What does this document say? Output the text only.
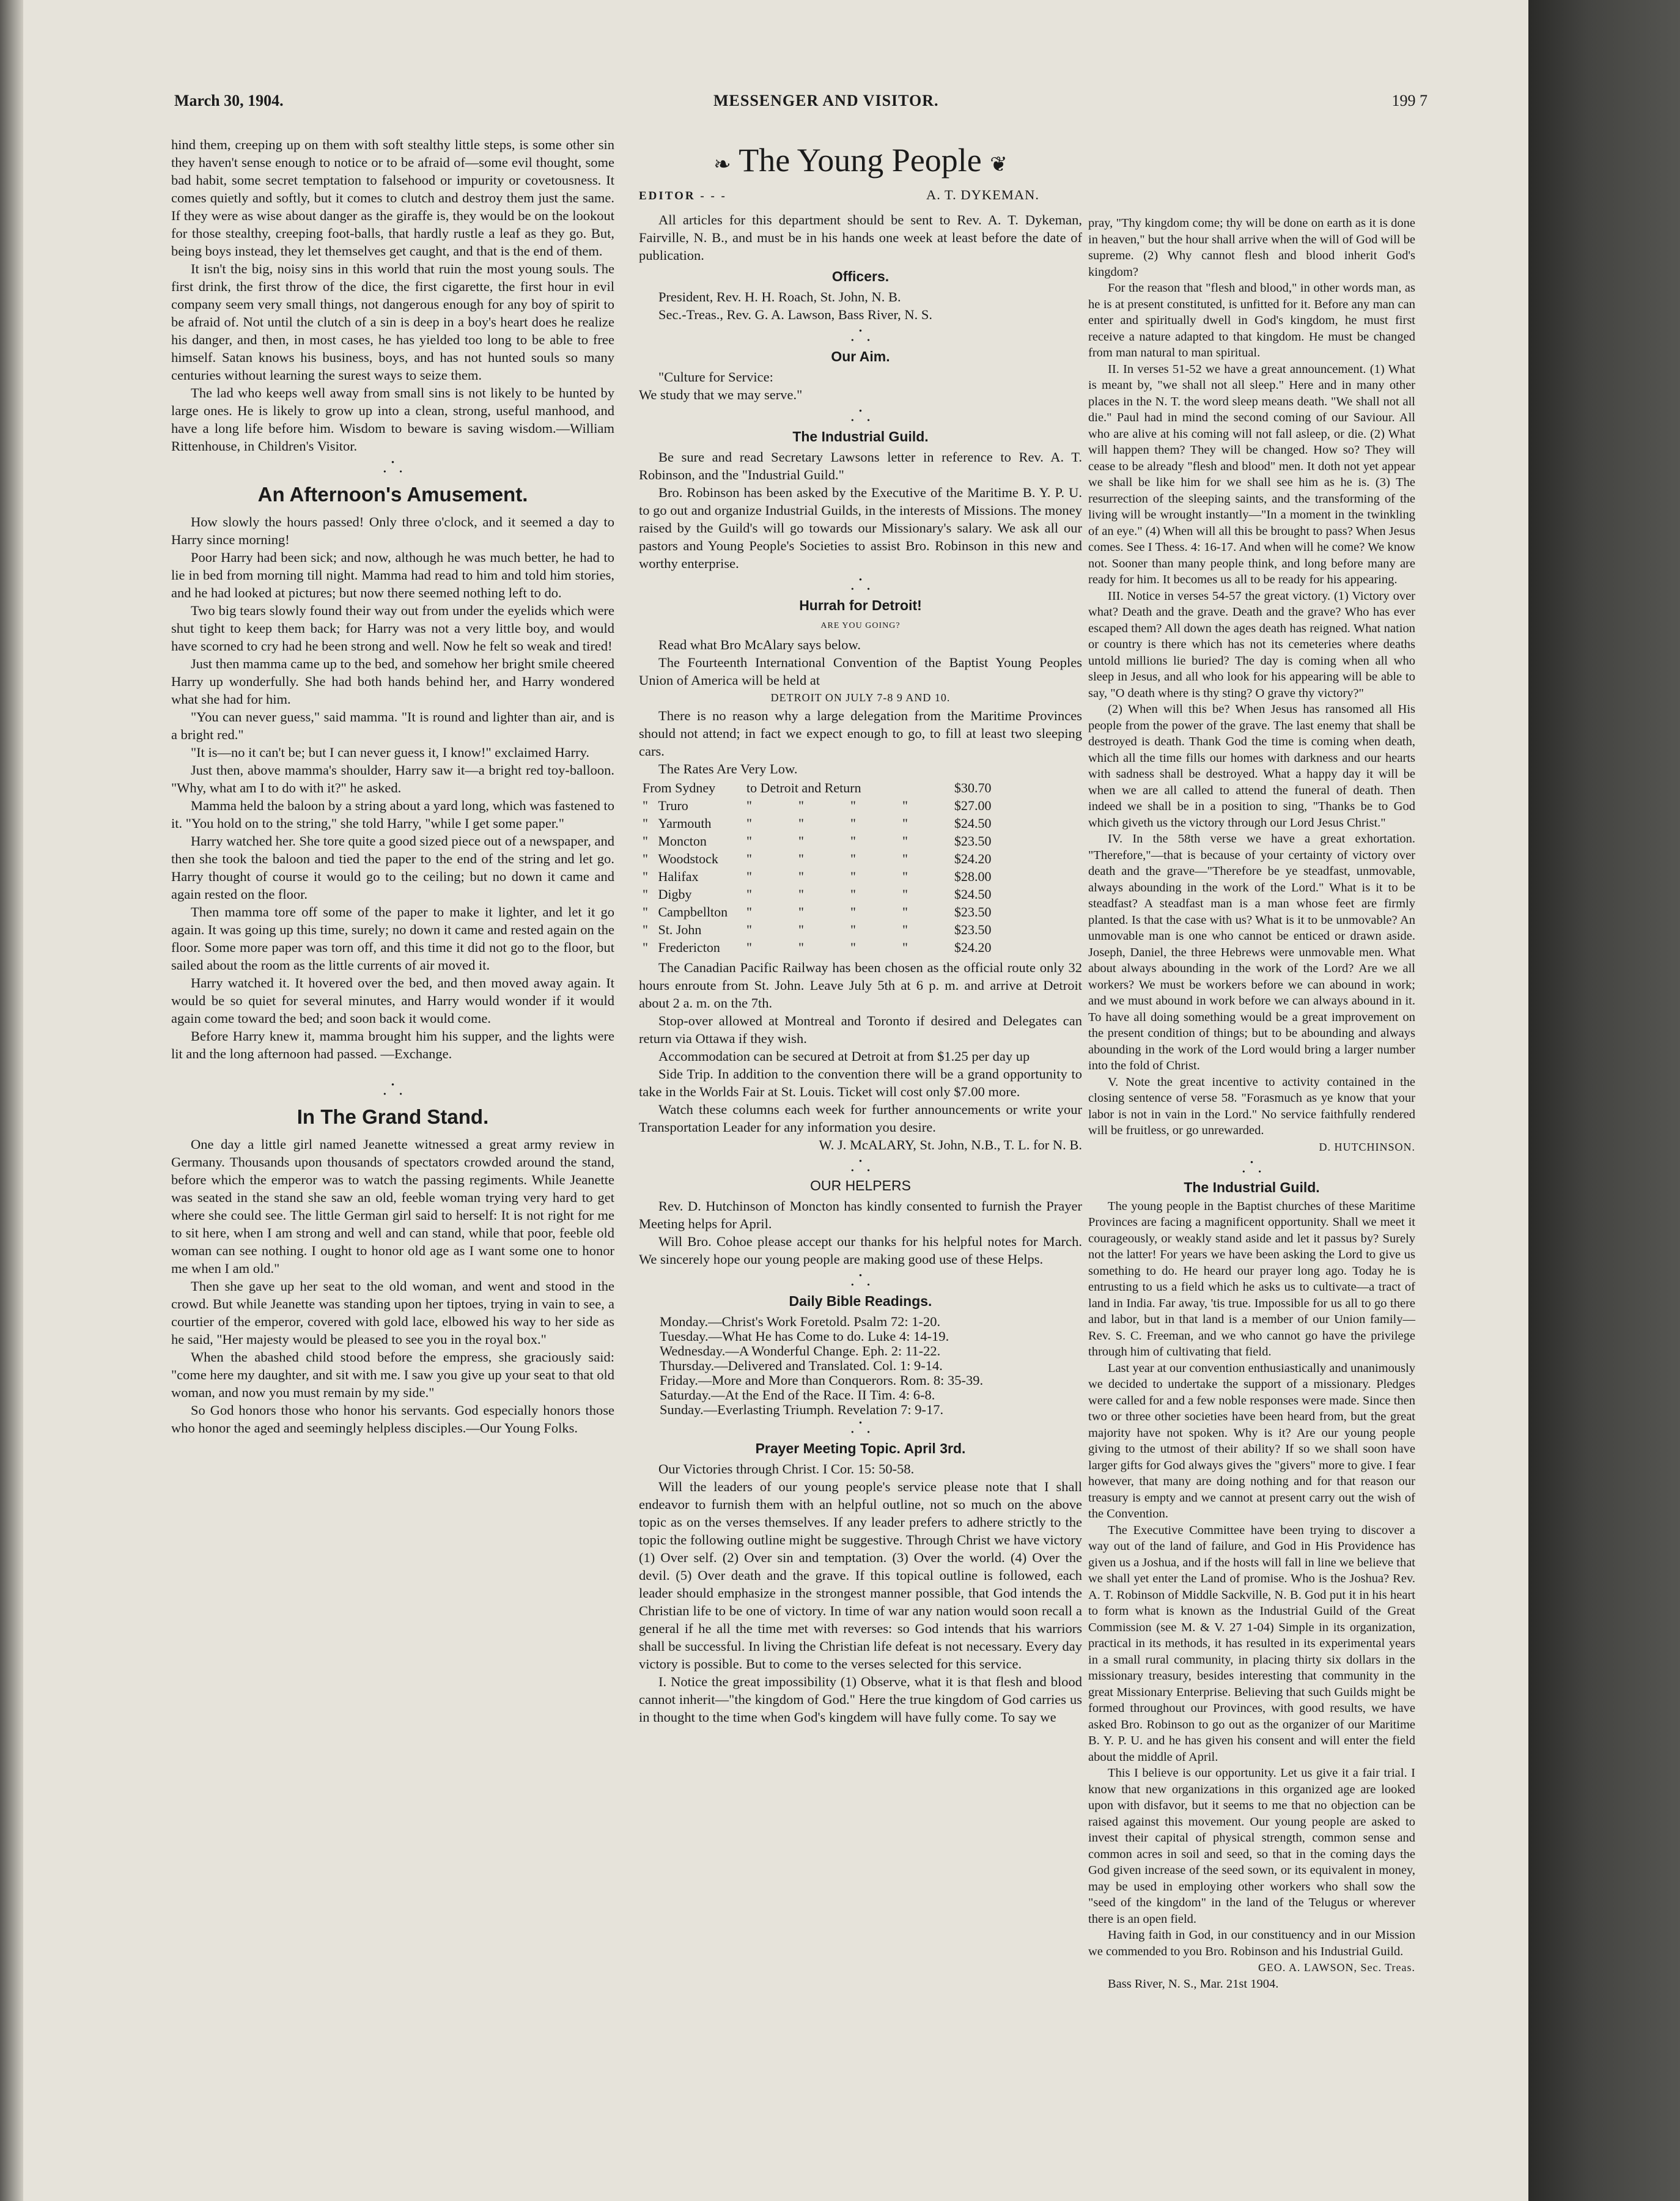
March 30, 1904.	MESSENGER AND VISITOR.	199 7

hind them, creeping up on them with soft stealthy little steps, is some other sin they haven't sense enough to notice or to be afraid of—some evil thought, some bad habit, some secret temptation to falsehood or impurity or covetousness. It comes quietly and softly, but it comes to clutch and destroy them just the same. If they were as wise about danger as the giraffe is, they would be on the lookout for those stealthy, creeping foot-balls, that hardly rustle a leaf as they go. But, being boys instead, they let themselves get caught, and that is the end of them.

It isn't the big, noisy sins in this world that ruin the most young souls. The first drink, the first throw of the dice, the first cigarette, the first hour in evil company seem very small things, not dangerous enough for any boy of spirit to be afraid of. Not until the clutch of a sin is deep in a boy's heart does he realize his danger, and then, in most cases, he has yielded too long to be able to free himself. Satan knows his business, boys, and has not hunted souls so many centuries without learning the surest ways to seize them.

The lad who keeps well away from small sins is not likely to be hunted by large ones. He is likely to grow up into a clean, strong, useful manhood, and have a long life before him. Wisdom to beware is saving wisdom.—William Rittenhouse, in Children's Visitor.

•
••
An Afternoon's Amusement.

How slowly the hours passed! Only three o'clock, and it seemed a day to Harry since morning!

Poor Harry had been sick; and now, although he was much better, he had to lie in bed from morning till night. Mamma had read to him and told him stories, and he had looked at pictures; but now there seemed nothing left to do.

Two big tears slowly found their way out from under the eyelids which were shut tight to keep them back; for Harry was not a very little boy, and would have scorned to cry had he been strong and well. Now he felt so weak and tired!

Just then mamma came up to the bed, and somehow her bright smile cheered Harry up wonderfully. She had both hands behind her, and Harry wondered what she had for him.

"You can never guess," said mamma. "It is round and lighter than air, and is a bright red."

"It is—no it can't be; but I can never guess it, I know!" exclaimed Harry.

Just then, above mamma's shoulder, Harry saw it—a bright red toy-balloon. "Why, what am I to do with it?" he asked.

Mamma held the baloon by a string about a yard long, which was fastened to it. "You hold on to the string," she told Harry, "while I get some paper."

Harry watched her. She tore quite a good sized piece out of a newspaper, and then she took the baloon and tied the paper to the end of the string and let go. Harry thought of course it would go to the ceiling; but no down it came and again rested on the floor.

Then mamma tore off some of the paper to make it lighter, and let it go again. It was going up this time, surely; no down it came and rested again on the floor. Some more paper was torn off, and this time it did not go to the floor, but sailed about the room as the little currents of air moved it.

Harry watched it. It hovered over the bed, and then moved away again. It would be so quiet for several minutes, and Harry would wonder if it would again come toward the bed; and soon back it would come.

Before Harry knew it, mamma brought him his supper, and the lights were lit and the long afternoon had passed. —Exchange.

•
••
In The Grand Stand.

One day a little girl named Jeanette witnessed a great army review in Germany. Thousands upon thousands of spectators crowded around the stand, before which the emperor was to watch the passing regiments. While Jeanette was seated in the stand she saw an old, feeble woman trying very hard to get where she could see. The little German girl said to herself: It is not right for me to sit here, when I am strong and well and can stand, while that poor, feeble old woman can see nothing. I ought to honor old age as I want some one to honor me when I am old."

Then she gave up her seat to the old woman, and went and stood in the crowd. But while Jeanette was standing upon her tiptoes, trying in vain to see, a courtier of the emperor, covered with gold lace, elbowed his way to her side as he said, "Her majesty would be pleased to see you in the royal box."

When the abashed child stood before the empress, she graciously said: "come here my daughter, and sit with me. I saw you give up your seat to that old woman, and now you must remain by my side."

So God honors those who honor his servants. God especially honors those who honor the aged and seemingly helpless disciples.—Our Young Folks.

❧ The Young People ❦
EDITOR - - -	A. T. DYKEMAN.

All articles for this department should be sent to Rev. A. T. Dykeman, Fairville, N. B., and must be in his hands one week at least before the date of publication.

Officers.

President, Rev. H. H. Roach, St. John, N. B.

Sec.-Treas., Rev. G. A. Lawson, Bass River, N. S.

•
••
Our Aim.

"Culture for Service:

We study that we may serve."

•
••
The Industrial Guild.

Be sure and read Secretary Lawsons letter in reference to Rev. A. T. Robinson, and the "Industrial Guild."

Bro. Robinson has been asked by the Executive of the Maritime B. Y. P. U. to go out and organize Industrial Guilds, in the interests of Missions. The money raised by the Guild's will go towards our Missionary's salary. We ask all our pastors and Young People's Societies to assist Bro. Robinson in this new and worthy enterprise.

•
••
Hurrah for Detroit!
ARE YOU GOING?

Read what Bro McAlary says below.

The Fourteenth International Convention of the Baptist Young Peoples Union of America will be held at

DETROIT ON JULY 7-8 9 AND 10.

There is no reason why a large delegation from the Maritime Provinces should not attend; in fact we expect enough to go, to fill at least two sleeping cars.

The Rates Are Very Low.

From Sydney	to Detroit and Return				$30.70
" Truro	"	"	"	"	$27.00
" Yarmouth	"	"	"	"	$24.50
" Moncton	"	"	"	"	$23.50
" Woodstock	"	"	"	"	$24.20
" Halifax	"	"	"	"	$28.00
" Digby	"	"	"	"	$24.50
" Campbellton	"	"	"	"	$23.50
" St. John	"	"	"	"	$23.50
" Fredericton	"	"	"	"	$24.20

The Canadian Pacific Railway has been chosen as the official route only 32 hours enroute from St. John. Leave July 5th at 6 p. m. and arrive at Detroit about 2 a. m. on the 7th.

Stop-over allowed at Montreal and Toronto if desired and Delegates can return via Ottawa if they wish.

Accommodation can be secured at Detroit at from $1.25 per day up

Side Trip. In addition to the convention there will be a grand opportunity to take in the Worlds Fair at St. Louis. Ticket will cost only $7.00 more.

Watch these columns each week for further announcements or write your Transportation Leader for any information you desire.

W. J. McALARY, St. John, N.B., T. L. for N. B.

•
••
OUR HELPERS

Rev. D. Hutchinson of Moncton has kindly consented to furnish the Prayer Meeting helps for April.

Will Bro. Cohoe please accept our thanks for his helpful notes for March. We sincerely hope our young people are making good use of these Helps.

•
••
Daily Bible Readings.
Monday.—Christ's Work Foretold. Psalm 72: 1-20.
Tuesday.—What He has Come to do. Luke 4: 14-19.
Wednesday.—A Wonderful Change. Eph. 2: 11-22.
Thursday.—Delivered and Translated. Col. 1: 9-14.
Friday.—More and More than Conquerors. Rom. 8: 35-39.
Saturday.—At the End of the Race. II Tim. 4: 6-8.
Sunday.—Everlasting Triumph. Revelation 7: 9-17.
•
••
Prayer Meeting Topic. April 3rd.

Our Victories through Christ. I Cor. 15: 50-58.

Will the leaders of our young people's service please note that I shall endeavor to furnish them with an helpful outline, not so much on the above topic as on the verses themselves. If any leader prefers to adhere strictly to the topic the following outline might be suggestive. Through Christ we have victory (1) Over self. (2) Over sin and temptation. (3) Over the world. (4) Over the devil. (5) Over death and the grave. If this topical outline is followed, each leader should emphasize in the strongest manner possible, that God intends the Christian life to be one of victory. In time of war any nation would soon recall a general if he all the time met with reverses: so God intends that his warriors shall be successful. In living the Christian life defeat is not necessary. Every day victory is possible. But to come to the verses selected for this service.

I. Notice the great impossibility (1) Observe, what it is that flesh and blood cannot inherit—"the kingdom of God." Here the true kingdom of God carries us in thought to the time when God's kingdem will have fully come. To say we

pray, "Thy kingdom come; thy will be done on earth as it is done in heaven," but the hour shall arrive when the will of God will be supreme. (2) Why cannot flesh and blood inherit God's kingdom?

For the reason that "flesh and blood," in other words man, as he is at present constituted, is unfitted for it. Before any man can enter and spiritually dwell in God's kingdom, he must first receive a nature adapted to that kingdom. He must be changed from man natural to man spiritual.

II. In verses 51-52 we have a great announcement. (1) What is meant by, "we shall not all sleep." Here and in many other places in the N. T. the word sleep means death. "We shall not all die." Paul had in mind the second coming of our Saviour. All who are alive at his coming will not fall asleep, or die. (2) What will happen them? They will be changed. How so? They will cease to be already "flesh and blood" men. It doth not yet appear we shall be like him for we shall see him as he is. (3) The resurrection of the sleeping saints, and the transforming of the living will be wrought instantly—"In a moment in the twinkling of an eye." (4) When will all this be brought to pass? When Jesus comes. See I Thess. 4: 16-17. And when will he come? We know not. Sooner than many people think, and long before many are ready for him. It becomes us all to be ready for his appearing.

III. Notice in verses 54-57 the great victory. (1) Victory over what? Death and the grave. Death and the grave? Who has ever escaped them? All down the ages death has reigned. What nation or country is there which has not its cemeteries where deaths untold millions lie buried? The day is coming when all who sleep in Jesus, and all who look for his appearing will be able to say, "O death where is thy sting? O grave thy victory?"

(2) When will this be? When Jesus has ransomed all His people from the power of the grave. The last enemy that shall be destroyed is death. Thank God the time is coming when death, which all the time fills our homes with darkness and our hearts with sadness shall be destroyed. What a happy day it will be when we are all called to attend the funeral of death. Then indeed we shall be in a position to sing, "Thanks be to God which giveth us the victory through our Lord Jesus Christ."

IV. In the 58th verse we have a great exhortation. "Therefore,"—that is because of your certainty of victory over death and the grave—"Therefore be ye steadfast, unmovable, always abounding in the work of the Lord." What is it to be steadfast? A steadfast man is a man whose feet are firmly planted. Is that the case with us? What is it to be unmovable? An unmovable man is one who cannot be enticed or drawn aside. Joseph, Daniel, the three Hebrews were unmovable men. What about always abounding in the work of the Lord? Are we all workers? We must be workers before we can abound in work; and we must abound in work before we can always abound in it. To have all doing something would be a great improvement on the present condition of things; but to be abounding and always abounding in the work of the Lord would bring a larger number into the fold of Christ.

V. Note the great incentive to activity contained in the closing sentence of verse 58. "Forasmuch as ye know that your labor is not in vain in the Lord." No service faithfully rendered will be fruitless, or go unrewarded.

D. HUTCHINSON.

•
••
The Industrial Guild.

The young people in the Baptist churches of these Maritime Provinces are facing a magnificent opportunity. Shall we meet it courageously, or weakly stand aside and let it passus by? Surely not the latter! For years we have been asking the Lord to give us something to do. He heard our prayer long ago. Today he is entrusting to us a field which he asks us to cultivate—a tract of land in India. Far away, 'tis true. Impossible for us all to go there and labor, but in that land is a member of our Union family—Rev. S. C. Freeman, and we who cannot go have the privilege through him of cultivating that field.

Last year at our convention enthusiastically and unanimously we decided to undertake the support of a missionary. Pledges were called for and a few noble responses were made. Since then two or three other societies have been heard from, but the great majority have not spoken. Why is it? Are our young people giving to the utmost of their ability? If so we shall soon have larger gifts for God always gives the "givers" more to give. I fear however, that many are doing nothing and for that reason our treasury is empty and we cannot at present carry out the wish of the Convention.

The Executive Committee have been trying to discover a way out of the land of failure, and God in His Providence has given us a Joshua, and if the hosts will fall in line we believe that we shall yet enter the Land of promise. Who is the Joshua? Rev. A. T. Robinson of Middle Sackville, N. B. God put it in his heart to form what is known as the Industrial Guild of the Great Commission (see M. & V. 27 1-04) Simple in its organization, practical in its methods, it has resulted in its experimental years in a small rural community, in placing thirty six dollars in the missionary treasury, besides interesting that community in the great Missionary Enterprise. Believing that such Guilds might be formed throughout our Provinces, with good results, we have asked Bro. Robinson to go out as the organizer of our Maritime B. Y. P. U. and he has given his consent and will enter the field about the middle of April.

This I believe is our opportunity. Let us give it a fair trial. I know that new organizations in this organized age are looked upon with disfavor, but it seems to me that no objection can be raised against this movement. Our young people are asked to invest their capital of physical strength, common sense and common acres in soil and seed, so that in the coming days the God given increase of the seed sown, or its equivalent in money, may be used in employing other workers who shall sow the "seed of the kingdom" in the land of the Telugus or wherever there is an open field.

Having faith in God, in our constituency and in our Mission we commended to you Bro. Robinson and his Industrial Guild.

GEO. A. LAWSON, Sec. Treas.

Bass River, N. S., Mar. 21st 1904.
